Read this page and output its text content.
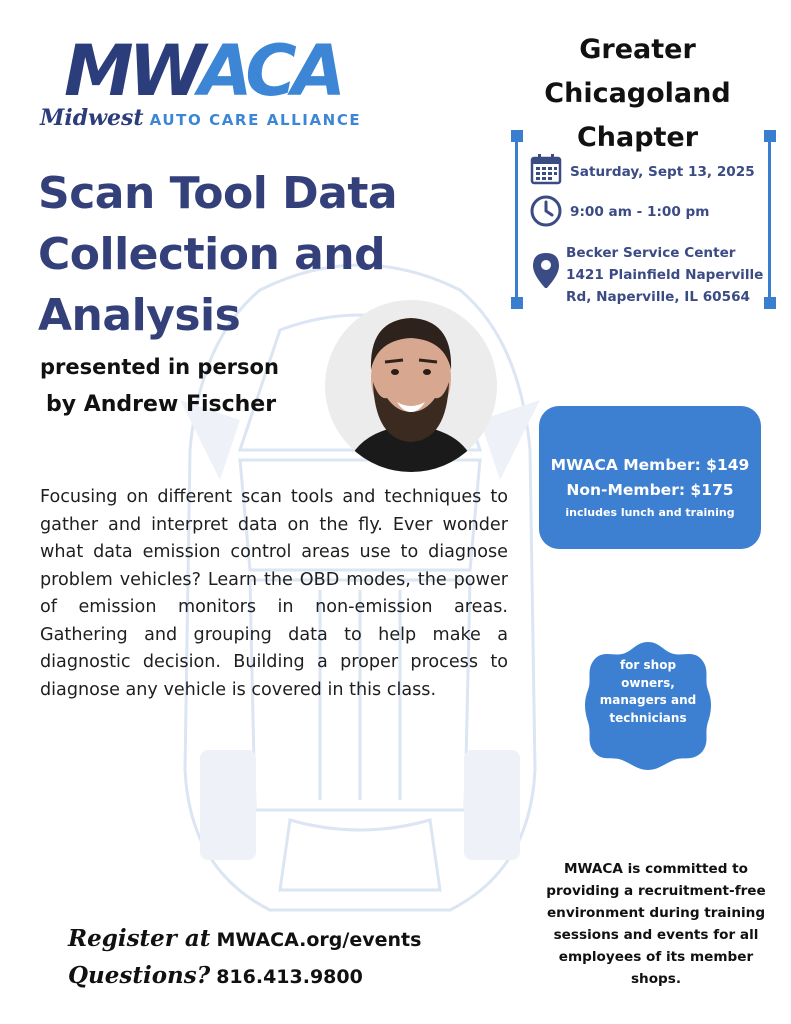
MWACA
Midwest AUTO CARE ALLIANCE
Scan Tool Data
Collection and
Analysis
presented in person
by Andrew Fischer
Focusing on different scan tools and techniques to gather and interpret data on the fly. Ever wonder what data emission control areas use to diagnose problem vehicles? Learn the OBD modes, the power of emission monitors in non-emission areas. Gathering and grouping data to help make a diagnostic decision. Building a proper process to diagnose any vehicle is covered in this class.
Greater
Chicagoland
Chapter
Saturday, Sept 13, 2025
9:00 am - 1:00 pm
Becker Service Center
1421 Plainfield Naperville
Rd, Naperville, IL 60564
MWACA Member: $149
Non-Member: $175
includes lunch and training
for shop
owners,
managers and
technicians
MWACA is committed to providing a recruitment-free environment during training sessions and events for all employees of its member shops.
Register at MWACA.org/events
Questions? 816.413.9800
